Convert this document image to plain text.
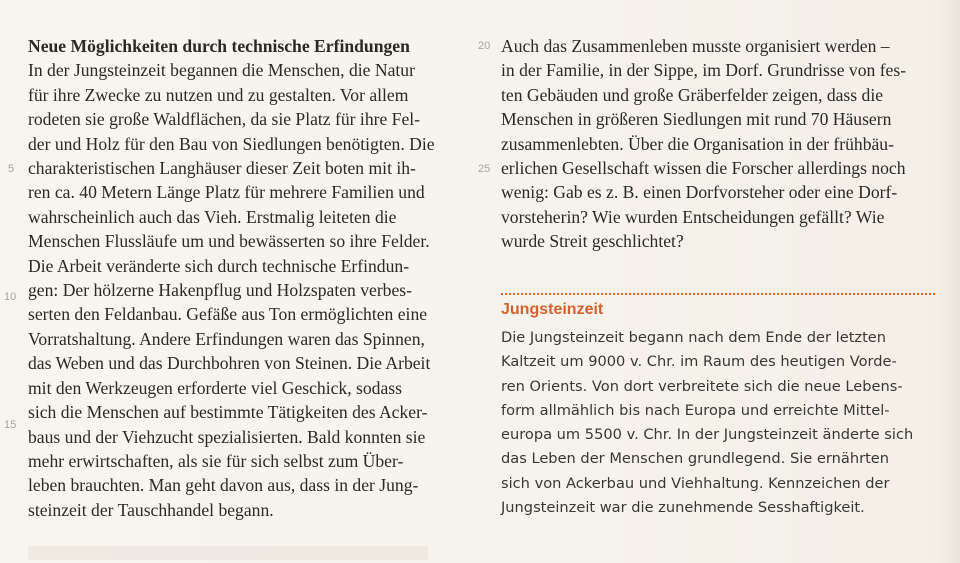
Neue Möglichkeiten durch technische Erfindungen
In der Jungsteinzeit begannen die Menschen, die Natur
für ihre Zwecke zu nutzen und zu gestalten. Vor allem
rodeten sie große Waldflächen, da sie Platz für ihre Fel-
der und Holz für den Bau von Siedlungen benötigten. Die
charakteristischen Langhäuser dieser Zeit boten mit ih-
ren ca. 40 Metern Länge Platz für mehrere Familien und
wahrscheinlich auch das Vieh. Erstmalig leiteten die
Menschen Flussläufe um und bewässerten so ihre Felder.
Die Arbeit veränderte sich durch technische Erfindun-
gen: Der hölzerne Hakenpflug und Holzspaten verbes-
serten den Feldanbau. Gefäße aus Ton ermöglichten eine
Vorratshaltung. Andere Erfindungen waren das Spinnen,
das Weben und das Durchbohren von Steinen. Die Arbeit
mit den Werkzeugen erforderte viel Geschick, sodass
sich die Menschen auf bestimmte Tätigkeiten des Acker-
baus und der Viehzucht spezialisierten. Bald konnten sie
mehr erwirtschaften, als sie für sich selbst zum Über-
leben brauchten. Man geht davon aus, dass in der Jung-
steinzeit der Tauschhandel begann.
5
10
15
20
25
Auch das Zusammenleben musste organisiert werden –
in der Familie, in der Sippe, im Dorf. Grundrisse von fes-
ten Gebäuden und große Gräberfelder zeigen, dass die
Menschen in größeren Siedlungen mit rund 70 Häusern
zusammenlebten. Über die Organisation in der frühbäu-
erlichen Gesellschaft wissen die Forscher allerdings noch
wenig: Gab es z. B. einen Dorfvorsteher oder eine Dorf-
vorsteherin? Wie wurden Entscheidungen gefällt? Wie
wurde Streit geschlichtet?
Jungsteinzeit
Die Jungsteinzeit begann nach dem Ende der letzten
Kaltzeit um 9000 v. Chr. im Raum des heutigen Vorde-
ren Orients. Von dort verbreitete sich die neue Lebens-
form allmählich bis nach Europa und erreichte Mittel-
europa um 5500 v. Chr. In der Jungsteinzeit änderte sich
das Leben der Menschen grundlegend. Sie ernährten
sich von Ackerbau und Viehhaltung. Kennzeichen der
Jungsteinzeit war die zunehmende Sesshaftigkeit.
